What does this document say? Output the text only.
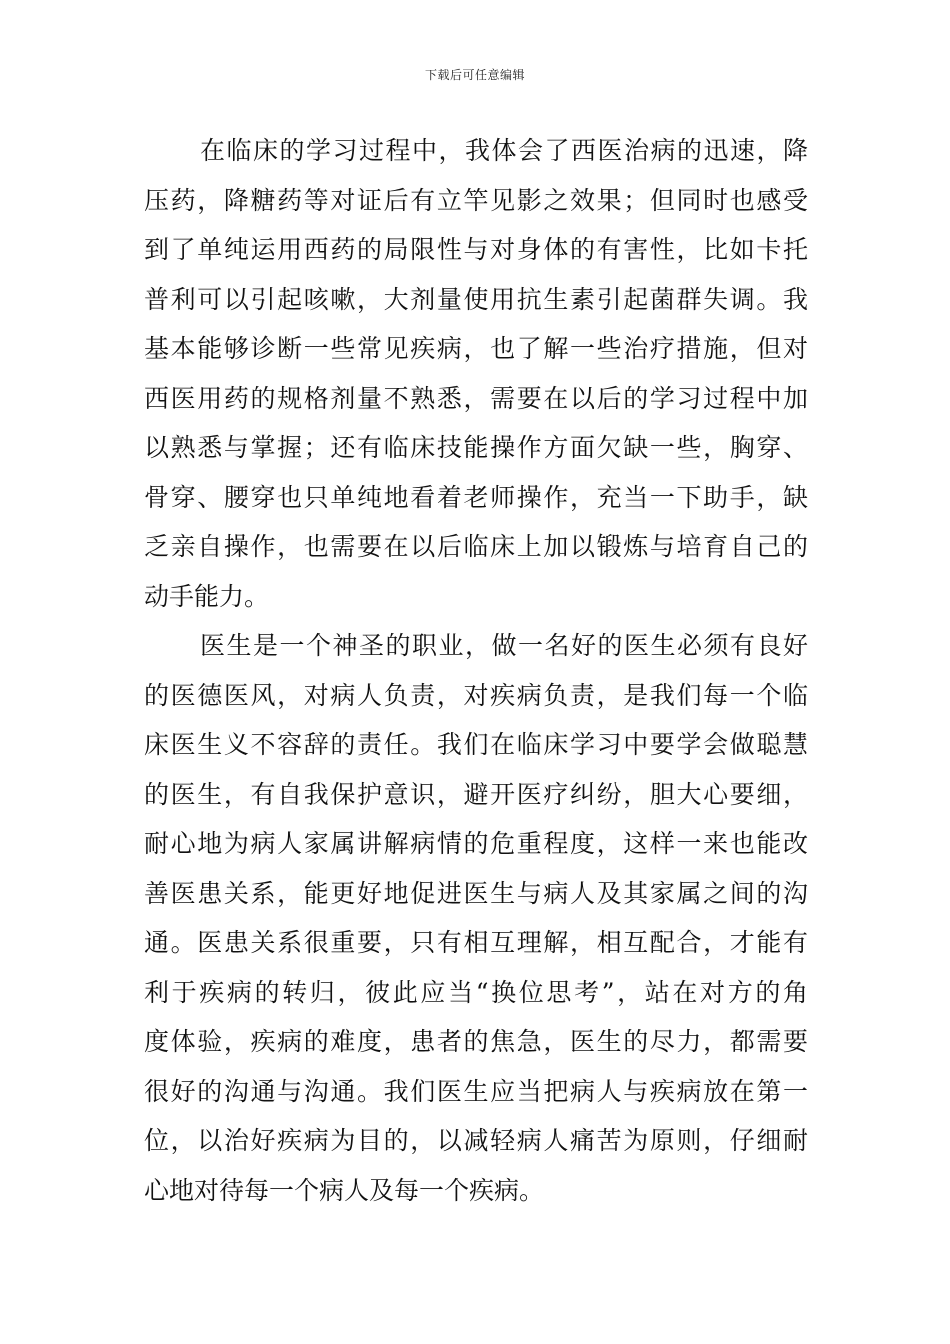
下载后可任意编辑
在临床的学习过程中，我体会了西医治病的迅速，降
压药，降糖药等对证后有立竿见影之效果；但同时也感受
到了单纯运用西药的局限性与对身体的有害性，比如卡托
普利可以引起咳嗽，大剂量使用抗生素引起菌群失调。我
基本能够诊断一些常见疾病，也了解一些治疗措施，但对
西医用药的规格剂量不熟悉，需要在以后的学习过程中加
以熟悉与掌握；还有临床技能操作方面欠缺一些，胸穿、
骨穿、腰穿也只单纯地看着老师操作，充当一下助手，缺
乏亲自操作，也需要在以后临床上加以锻炼与培育自己的
动手能力。
医生是一个神圣的职业，做一名好的医生必须有良好
的医德医风，对病人负责，对疾病负责，是我们每一个临
床医生义不容辞的责任。我们在临床学习中要学会做聪慧
的医生，有自我保护意识，避开医疗纠纷，胆大心要细，
耐心地为病人家属讲解病情的危重程度，这样一来也能改
善医患关系，能更好地促进医生与病人及其家属之间的沟
通。医患关系很重要，只有相互理解，相互配合，才能有
利于疾病的转归，彼此应当“换位思考”，站在对方的角
度体验，疾病的难度，患者的焦急，医生的尽力，都需要
很好的沟通与沟通。我们医生应当把病人与疾病放在第一
位，以治好疾病为目的，以减轻病人痛苦为原则，仔细耐
心地对待每一个病人及每一个疾病。
